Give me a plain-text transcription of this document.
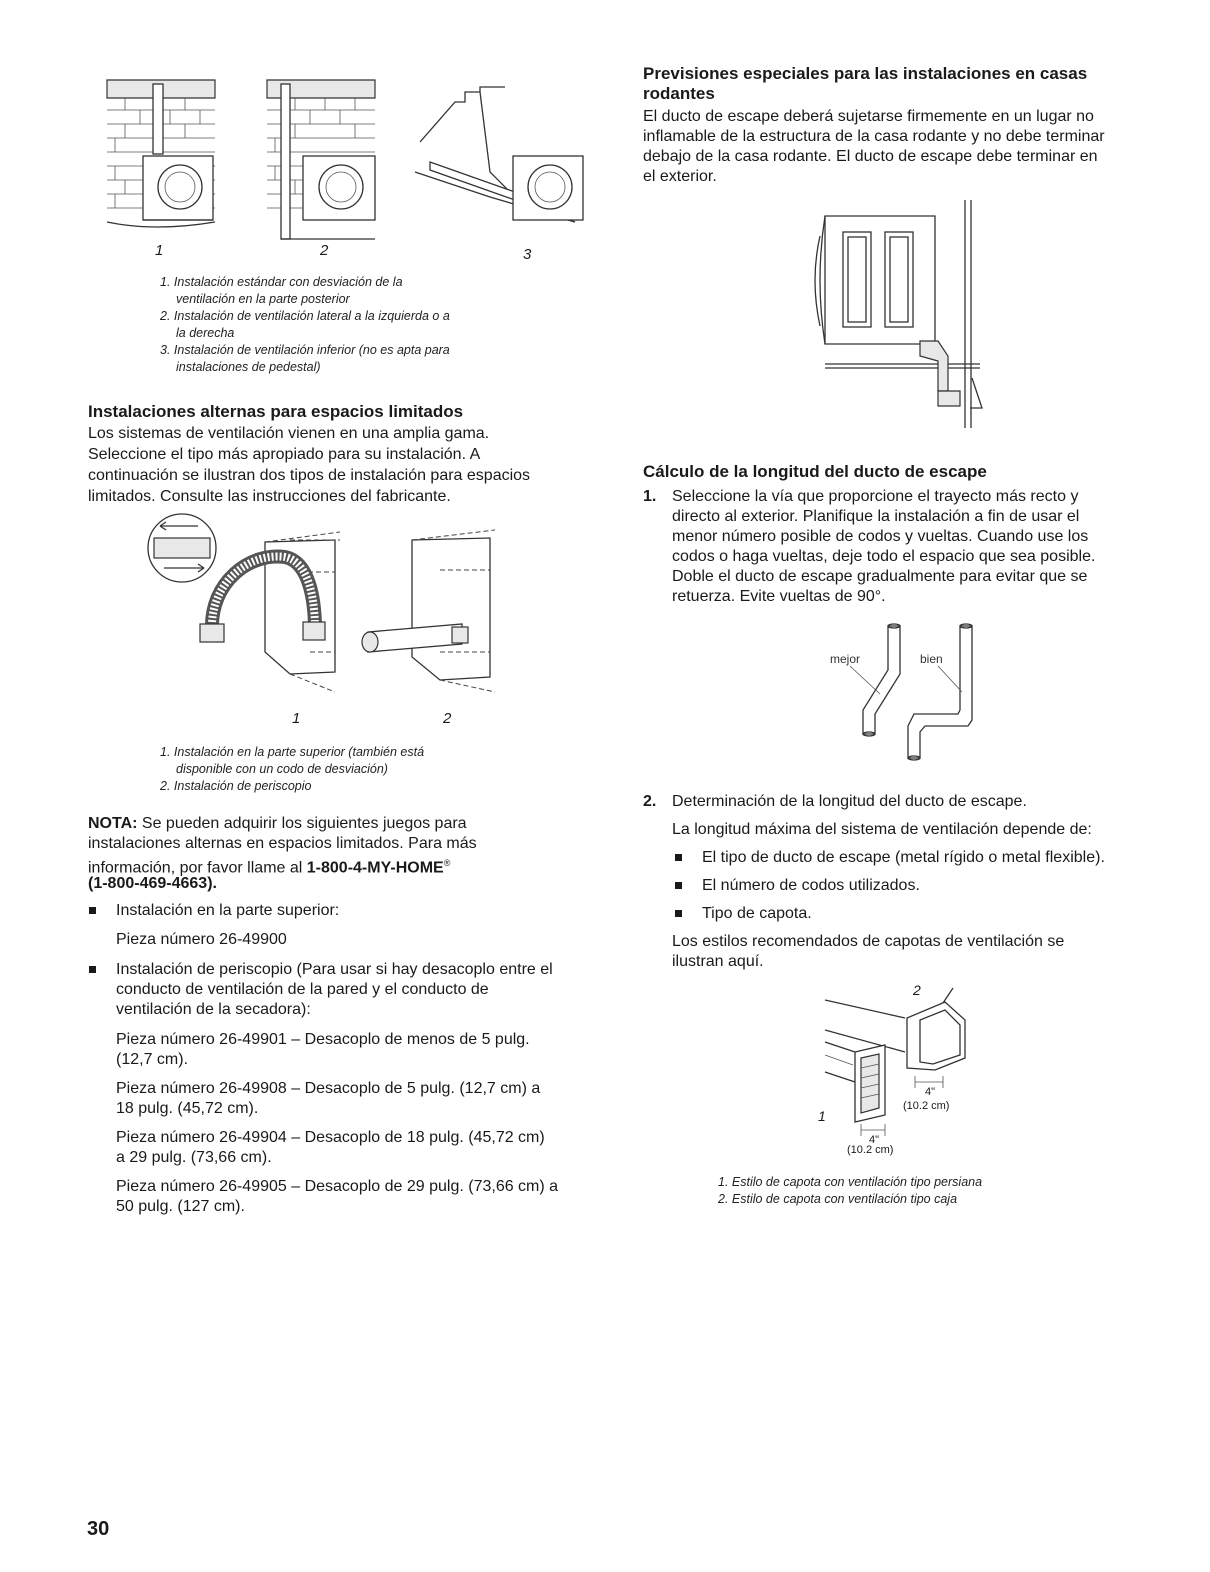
1	2	3
1. Instalación estándar con desviación de la
ventilación en la parte posterior
2. Instalación de ventilación lateral a la izquierda o a
la derecha
3. Instalación de ventilación inferior (no es apta para
instalaciones de pedestal)
Instalaciones alternas para espacios limitados
Los sistemas de ventilación vienen en una amplia gama.
Seleccione el tipo más apropiado para su instalación. A
continuación se ilustran dos tipos de instalación para espacios
limitados. Consulte las instrucciones del fabricante.
1	2
1. Instalación en la parte superior (también está
disponible con un codo de desviación)
2. Instalación de periscopio
NOTA: Se pueden adquirir los siguientes juegos para
instalaciones alternas en espacios limitados. Para más
información, por favor llame al 1-800-4-MY-HOME®
(1-800-469-4663).
Instalación en la parte superior:
Pieza número 26-49900
Instalación de periscopio (Para usar si hay desacoplo entre el
conducto de ventilación de la pared y el conducto de
ventilación de la secadora):
Pieza número 26-49901 – Desacoplo de menos de 5 pulg.
(12,7 cm).
Pieza número 26-49908 – Desacoplo de 5 pulg. (12,7 cm) a
18 pulg. (45,72 cm).
Pieza número 26-49904 – Desacoplo de 18 pulg. (45,72 cm)
a 29 pulg. (73,66 cm).
Pieza número 26-49905 – Desacoplo de 29 pulg. (73,66 cm) a
50 pulg. (127 cm).
Previsiones especiales para las instalaciones en casas
rodantes
El ducto de escape deberá sujetarse firmemente en un lugar no
inflamable de la estructura de la casa rodante y no debe terminar
debajo de la casa rodante. El ducto de escape debe terminar en
el exterior.
Cálculo de la longitud del ducto de escape
1. Seleccione la vía que proporcione el trayecto más recto y
directo al exterior. Planifique la instalación a fin de usar el
menor número posible de codos y vueltas. Cuando use los
codos o haga vueltas, deje todo el espacio que sea posible.
Doble el ducto de escape gradualmente para evitar que se
retuerza. Evite vueltas de 90°.
mejor	bien
2. Determinación de la longitud del ducto de escape.
La longitud máxima del sistema de ventilación depende de:
El tipo de ducto de escape (metal rígido o metal flexible).
El número de codos utilizados.
Tipo de capota.
Los estilos recomendados de capotas de ventilación se
ilustran aquí.
2
1
4"
(10.2 cm)
4"
(10.2 cm)
1. Estilo de capota con ventilación tipo persiana
2. Estilo de capota con ventilación tipo caja
30
